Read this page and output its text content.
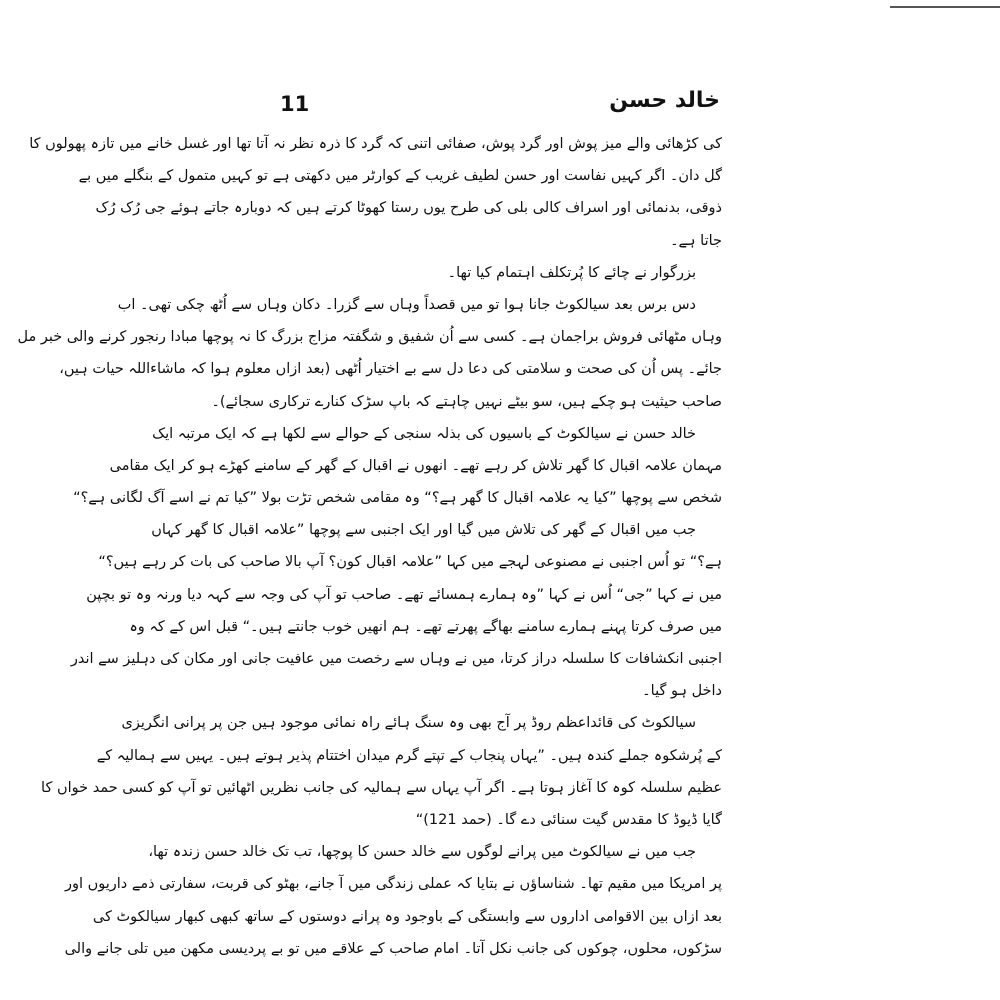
11	خالد حسن
کی کڑھائی والے میز پوش اور گرد پوش، صفائی اتنی کہ گرد کا ذرہ نظر نہ آتا تھا اور غسل خانے میں تازہ پھولوں کا
گل دان۔ اگر کہیں نفاست اور حسن لطیف غریب کے کوارٹر میں دکھتی ہے تو کہیں متمول کے بنگلے میں بے
ذوقی، بدنمائی اور اسراف کالی بلی کی طرح یوں رستا کھوٹا کرتے ہیں کہ دوبارہ جاتے ہوئے جی رُک رُک
جاتا ہے۔
بزرگوار نے چائے کا پُرتکلف اہتمام کیا تھا۔
دس برس بعد سیالکوٹ جانا ہوا تو میں قصداً وہاں سے گزرا۔ دکان وہاں سے اُٹھ چکی تھی۔ اب
وہاں مٹھائی فروش براجمان ہے۔ کسی سے اُن شفیق و شگفتہ مزاج بزرگ کا نہ پوچھا مبادا رنجور کرنے والی خبر مل
جائے۔ پس اُن کی صحت و سلامتی کی دعا دل سے بے اختیار اُٹھی (بعد ازاں معلوم ہوا کہ ماشاءاللہ حیات ہیں،
صاحب حیثیت ہو چکے ہیں، سو بیٹے نہیں چاہتے کہ باپ سڑک کنارے ترکاری سجائے)۔
خالد حسن نے سیالکوٹ کے باسیوں کی بذلہ سنجی کے حوالے سے لکھا ہے کہ ایک مرتبہ ایک
مہمان علامہ اقبال کا گھر تلاش کر رہے تھے۔ انھوں نے اقبال کے گھر کے سامنے کھڑے ہو کر ایک مقامی
شخص سے پوچھا ”کیا یہ علامہ اقبال کا گھر ہے؟“ وہ مقامی شخص تڑت بولا ”کیا تم نے اسے آگ لگانی ہے؟“
جب میں اقبال کے گھر کی تلاش میں گیا اور ایک اجنبی سے پوچھا ”علامہ اقبال کا گھر کہاں
ہے؟“ تو اُس اجنبی نے مصنوعی لہجے میں کہا ”علامہ اقبال کون؟ آپ بالا صاحب کی بات کر رہے ہیں؟“
میں نے کہا ”جی“ اُس نے کہا ”وہ ہمارے ہمسائے تھے۔ صاحب تو آپ کی وجہ سے کہہ دیا ورنہ وہ تو بچپن
میں صرف کرتا پہنے ہمارے سامنے بھاگے پھرتے تھے۔ ہم انھیں خوب جانتے ہیں۔“ قبل اس کے کہ وہ
اجنبی انکشافات کا سلسلہ دراز کرتا، میں نے وہاں سے رخصت میں عافیت جانی اور مکان کی دہلیز سے اندر
داخل ہو گیا۔
سیالکوٹ کی قائداعظم روڈ پر آج بھی وہ سنگ ہائے راہ نمائی موجود ہیں جن پر پرانی انگریزی
کے پُرشکوہ جملے کندہ ہیں۔ ”یہاں پنجاب کے تپتے گرم میدان اختتام پذیر ہوتے ہیں۔ یہیں سے ہمالیہ کے
عظیم سلسلہ کوہ کا آغاز ہوتا ہے۔ اگر آپ یہاں سے ہمالیہ کی جانب نظریں اٹھائیں تو آپ کو کسی حمد خواں کا
گایا ڈیوڈ کا مقدس گیت سنائی دے گا۔ (حمد 121)“
جب میں نے سیالکوٹ میں پرانے لوگوں سے خالد حسن کا پوچھا، تب تک خالد حسن زندہ تھا،
پر امریکا میں مقیم تھا۔ شناساؤں نے بتایا کہ عملی زندگی میں آ جانے، بھٹو کی قربت، سفارتی ذمے داریوں اور
بعد ازاں بین الاقوامی اداروں سے وابستگی کے باوجود وہ پرانے دوستوں کے ساتھ کبھی کبھار سیالکوٹ کی
سڑکوں، محلوں، چوکوں کی جانب نکل آتا۔ امام صاحب کے علاقے میں تو بے پردیسی مکھن میں تلی جانے والی
